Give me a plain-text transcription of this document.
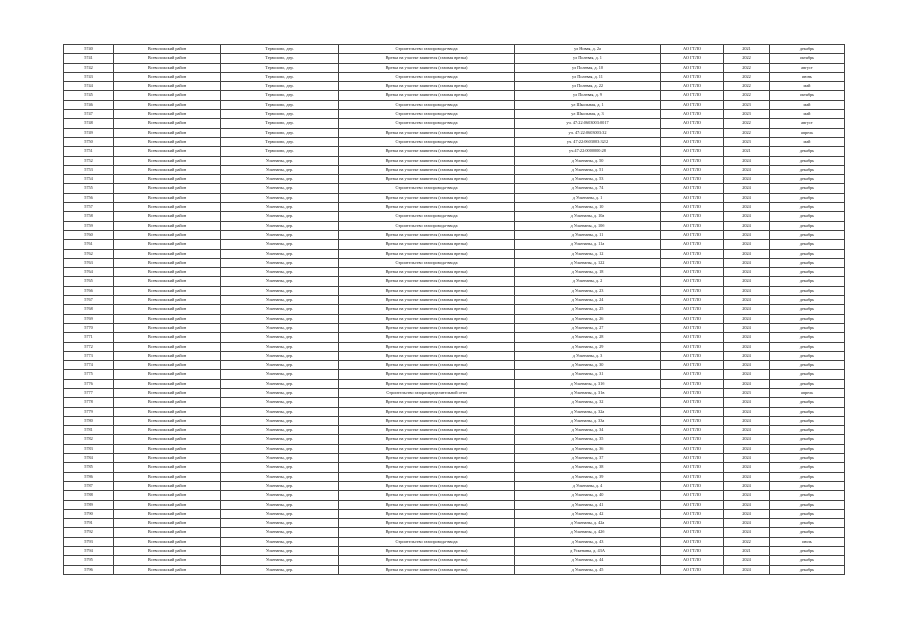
5740	Всеволожский район	Терволово, дер.	Строительство газопровода-ввода	ул Новая, д. 2а	АО ГТЛО	2021	декабрь
5741	Всеволожский район	Терволово, дер.	Врезка на участке заявителя (газовая врезка)	ул Полевая, д. 1	АО ГТЛО	2022	октябрь
5742	Всеволожский район	Терволово, дер.	Врезка на участке заявителя (газовая врезка)	ул Полевая, д. 10	АО ГТЛО	2022	август
5743	Всеволожский район	Терволово, дер.	Строительство газопровода-ввода	ул Полевая, д. 11	АО ГТЛО	2022	июнь
5744	Всеволожский район	Терволово, дер.	Врезка на участке заявителя (газовая врезка)	ул Полевая, д. 22	АО ГТЛО	2022	май
5745	Всеволожский район	Терволово, дер.	Врезка на участке заявителя (газовая врезка)	ул Полевая, д. 9	АО ГТЛО	2022	октябрь
5746	Всеволожский район	Терволово, дер.	Строительство газопровода-ввода	ул Школьная, д. 1	АО ГТЛО	2023	май
5747	Всеволожский район	Терволово, дер.	Строительство газопровода-ввода	ул Школьная, д. 3	АО ГТЛО	2023	май
5748	Всеволожский район	Терволово, дер.	Строительство газопровода-ввода	уч. 47:22:0603003:0017	АО ГТЛО	2022	август
5749	Всеволожский район	Терволово, дер.	Врезка на участке заявителя (газовая врезка)	уч. 47:22:0603003:32	АО ГТЛО	2022	апрель
5750	Всеволожский район	Терволово, дер.	Строительство газопровода-ввода	уч. 47:22:0603003:32/2	АО ГТЛО	2023	май
5751	Всеволожский район	Терволово, дер.	Врезка на участке заявителя (газовая врезка)	уч.47:22:0000000:28	АО ГТЛО	2021	декабрь
5752	Всеволожский район	Ускенаны, дер.	Врезка на участке заявителя (газовая врезка)	д Ускенаны, д. 50	АО ГТЛО	2024	декабрь
5753	Всеволожский район	Ускенаны, дер.	Врезка на участке заявителя (газовая врезка)	д Ускенаны, д. 51	АО ГТЛО	2024	декабрь
5754	Всеволожский район	Ускенаны, дер.	Врезка на участке заявителя (газовая врезка)	д Ускенаны, д. 53	АО ГТЛО	2024	декабрь
5755	Всеволожский район	Ускенаны, дер.	Строительство газопровода-ввода	д Ускенаны, д. 74	АО ГТЛО	2024	декабрь
5756	Всеволожский район	Ускенаны, дер.	Врезка на участке заявителя (газовая врезка)	д Ускенаны, д. 1	АО ГТЛО	2024	декабрь
5757	Всеволожский район	Ускенаны, дер.	Врезка на участке заявителя (газовая врезка)	д Ускенаны, д. 10	АО ГТЛО	2024	декабрь
5758	Всеволожский район	Ускенаны, дер.	Строительство газопровода-ввода	д Ускенаны, д. 10а	АО ГТЛО	2024	декабрь
5759	Всеволожский район	Ускенаны, дер.	Строительство газопровода-ввода	д Ускенаны, д. 10б	АО ГТЛО	2024	декабрь
5760	Всеволожский район	Ускенаны, дер.	Врезка на участке заявителя (газовая врезка)	д Ускенаны, д. 11	АО ГТЛО	2024	декабрь
5761	Всеволожский район	Ускенаны, дер.	Врезка на участке заявителя (газовая врезка)	д Ускенаны, д. 11а	АО ГТЛО	2024	декабрь
5762	Всеволожский район	Ускенаны, дер.	Врезка на участке заявителя (газовая врезка)	д Ускенаны, д. 12	АО ГТЛО	2024	декабрь
5763	Всеволожский район	Ускенаны, дер.	Строительство газопровода-ввода	д Ускенаны, д. 122	АО ГТЛО	2024	декабрь
5764	Всеволожский район	Ускенаны, дер.	Врезка на участке заявителя (газовая врезка)	д Ускенаны, д. 18	АО ГТЛО	2024	декабрь
5765	Всеволожский район	Ускенаны, дер.	Врезка на участке заявителя (газовая врезка)	д Ускенаны, д. 2	АО ГТЛО	2024	декабрь
5766	Всеволожский район	Ускенаны, дер.	Врезка на участке заявителя (газовая врезка)	д Ускенаны, д. 23	АО ГТЛО	2024	декабрь
5767	Всеволожский район	Ускенаны, дер.	Врезка на участке заявителя (газовая врезка)	д Ускенаны, д. 24	АО ГТЛО	2024	декабрь
5768	Всеволожский район	Ускенаны, дер.	Врезка на участке заявителя (газовая врезка)	д Ускенаны, д. 25	АО ГТЛО	2024	декабрь
5769	Всеволожский район	Ускенаны, дер.	Врезка на участке заявителя (газовая врезка)	д Ускенаны, д. 26	АО ГТЛО	2024	декабрь
5770	Всеволожский район	Ускенаны, дер.	Врезка на участке заявителя (газовая врезка)	д Ускенаны, д. 27	АО ГТЛО	2024	декабрь
5771	Всеволожский район	Ускенаны, дер.	Врезка на участке заявителя (газовая врезка)	д Ускенаны, д. 28	АО ГТЛО	2024	декабрь
5772	Всеволожский район	Ускенаны, дер.	Врезка на участке заявителя (газовая врезка)	д Ускенаны, д. 29	АО ГТЛО	2024	декабрь
5773	Всеволожский район	Ускенаны, дер.	Врезка на участке заявителя (газовая врезка)	д Ускенаны, д. 3	АО ГТЛО	2024	декабрь
5774	Всеволожский район	Ускенаны, дер.	Врезка на участке заявителя (газовая врезка)	д Ускенаны, д. 30	АО ГТЛО	2024	декабрь
5775	Всеволожский район	Ускенаны, дер.	Врезка на участке заявителя (газовая врезка)	д Ускенаны, д. 31	АО ГТЛО	2024	декабрь
5776	Всеволожский район	Ускенаны, дер.	Врезка на участке заявителя (газовая врезка)	д Ускенаны, д. 31б	АО ГТЛО	2024	декабрь
5777	Всеволожский район	Ускенаны, дер.	Строительство газораспределительной сети	д Ускенаны, д. 31в	АО ГТЛО	2023	апрель
5778	Всеволожский район	Ускенаны, дер.	Врезка на участке заявителя (газовая врезка)	д Ускенаны, д. 32	АО ГТЛО	2024	декабрь
5779	Всеволожский район	Ускенаны, дер.	Врезка на участке заявителя (газовая врезка)	д Ускенаны, д. 32а	АО ГТЛО	2024	декабрь
5780	Всеволожский район	Ускенаны, дер.	Врезка на участке заявителя (газовая врезка)	д Ускенаны, д. 33а	АО ГТЛО	2024	декабрь
5781	Всеволожский район	Ускенаны, дер.	Врезка на участке заявителя (газовая врезка)	д Ускенаны, д. 34	АО ГТЛО	2024	декабрь
5782	Всеволожский район	Ускенаны, дер.	Врезка на участке заявителя (газовая врезка)	д Ускенаны, д. 35	АО ГТЛО	2024	декабрь
5783	Всеволожский район	Ускенаны, дер.	Врезка на участке заявителя (газовая врезка)	д Ускенаны, д. 36	АО ГТЛО	2024	декабрь
5784	Всеволожский район	Ускенаны, дер.	Врезка на участке заявителя (газовая врезка)	д Ускенаны, д. 37	АО ГТЛО	2024	декабрь
5785	Всеволожский район	Ускенаны, дер.	Врезка на участке заявителя (газовая врезка)	д Ускенаны, д. 38	АО ГТЛО	2024	декабрь
5786	Всеволожский район	Ускенаны, дер.	Врезка на участке заявителя (газовая врезка)	д Ускенаны, д. 39	АО ГТЛО	2024	декабрь
5787	Всеволожский район	Ускенаны, дер.	Врезка на участке заявителя (газовая врезка)	д Ускенаны, д. 4	АО ГТЛО	2024	декабрь
5788	Всеволожский район	Ускенаны, дер.	Врезка на участке заявителя (газовая врезка)	д Ускенаны, д. 40	АО ГТЛО	2024	декабрь
5789	Всеволожский район	Ускенаны, дер.	Врезка на участке заявителя (газовая врезка)	д Ускенаны, д. 41	АО ГТЛО	2024	декабрь
5790	Всеволожский район	Ускенаны, дер.	Врезка на участке заявителя (газовая врезка)	д Ускенаны, д. 42	АО ГТЛО	2024	декабрь
5791	Всеволожский район	Ускенаны, дер.	Врезка на участке заявителя (газовая врезка)	д Ускенаны, д. 42а	АО ГТЛО	2024	декабрь
5792	Всеволожский район	Ускенаны, дер.	Врезка на участке заявителя (газовая врезка)	д Ускенаны, д. 42б	АО ГТЛО	2024	декабрь
5793	Всеволожский район	Ускенаны, дер.	Строительство газопровода-ввода	д Ускенаны, д. 43	АО ГТЛО	2022	июль
5794	Всеволожский район	Ускенаны, дер.	Врезка на участке заявителя (газовая врезка)	д Ускенаны, д. 43А	АО ГТЛО	2021	декабрь
5795	Всеволожский район	Ускенаны, дер.	Врезка на участке заявителя (газовая врезка)	д Ускенаны, д. 44	АО ГТЛО	2024	декабрь
5796	Всеволожский район	Ускенаны, дер.	Врезка на участке заявителя (газовая врезка)	д Ускенаны, д. 45	АО ГТЛО	2024	декабрь
